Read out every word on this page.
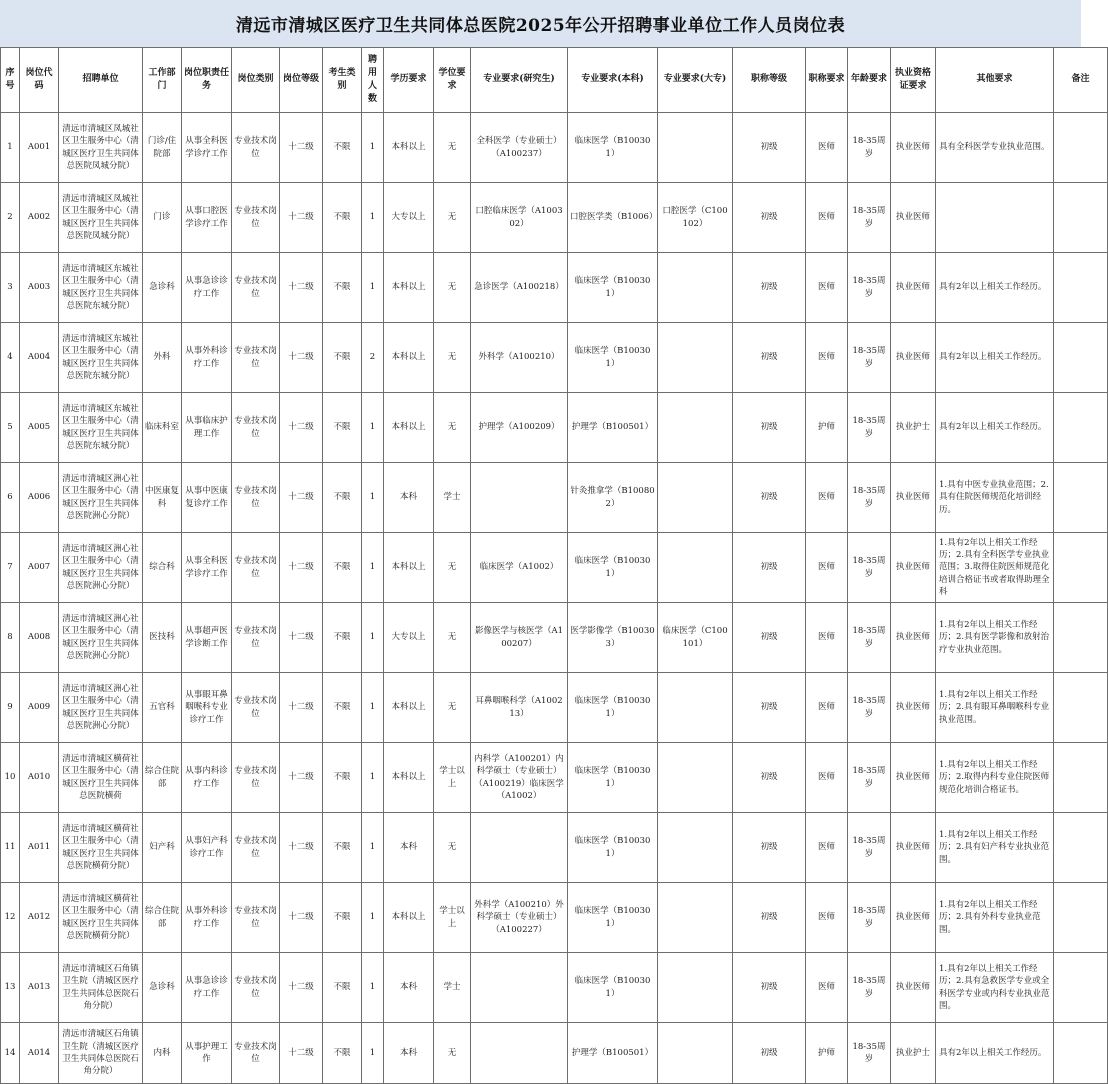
清远市清城区医疗卫生共同体总医院2025年公开招聘事业单位工作人员岗位表
序号	岗位代码	招聘单位	工作部门	岗位职责任务	岗位类别	岗位等级	考生类别	聘用人数	学历要求	学位要求	专业要求(研究生)	专业要求(本科)	专业要求(大专)	职称等级	职称要求	年龄要求	执业资格证要求	其他要求	备注

1	A001	清远市清城区凤城社区卫生服务中心（清城区医疗卫生共同体总医院凤城分院）	门诊/住院部	从事全科医学诊疗工作	专业技术岗位	十二级	不限	1	本科以上	无	全科医学（专业硕士）（A100237）	临床医学（B100301）		初级	医师	18-35周岁	执业医师	具有全科医学专业执业范围。	

2	A002	清远市清城区凤城社区卫生服务中心（清城区医疗卫生共同体总医院凤城分院）	门诊	从事口腔医学诊疗工作	专业技术岗位	十二级	不限	1	大专以上	无	口腔临床医学（A100302）	口腔医学类（B1006）	口腔医学（C100102）	初级	医师	18-35周岁	执业医师		

3	A003	清远市清城区东城社区卫生服务中心（清城区医疗卫生共同体总医院东城分院）	急诊科	从事急诊诊疗工作	专业技术岗位	十二级	不限	1	本科以上	无	急诊医学（A100218）	临床医学（B100301）		初级	医师	18-35周岁	执业医师	具有2年以上相关工作经历。	

4	A004	清远市清城区东城社区卫生服务中心（清城区医疗卫生共同体总医院东城分院）	外科	从事外科诊疗工作	专业技术岗位	十二级	不限	2	本科以上	无	外科学（A100210）	临床医学（B100301）		初级	医师	18-35周岁	执业医师	具有2年以上相关工作经历。	

5	A005	清远市清城区东城社区卫生服务中心（清城区医疗卫生共同体总医院东城分院）	临床科室	从事临床护理工作	专业技术岗位	十二级	不限	1	本科以上	无	护理学（A100209）	护理学（B100501）		初级	护师	18-35周岁	执业护士	具有2年以上相关工作经历。	

6	A006	清远市清城区洲心社区卫生服务中心（清城区医疗卫生共同体总医院洲心分院）	中医康复科	从事中医康复诊疗工作	专业技术岗位	十二级	不限	1	本科	学士		针灸推拿学（B100802）		初级	医师	18-35周岁	执业医师	1.具有中医专业执业范围；2.具有住院医师规范化培训经历。	

7	A007	清远市清城区洲心社区卫生服务中心（清城区医疗卫生共同体总医院洲心分院）	综合科	从事全科医学诊疗工作	专业技术岗位	十二级	不限	1	本科以上	无	临床医学（A1002）	临床医学（B100301）		初级	医师	18-35周岁	执业医师	1.具有2年以上相关工作经历；2.具有全科医学专业执业范围；3.取得住院医师规范化培训合格证书或者取得助理全科	

8	A008	清远市清城区洲心社区卫生服务中心（清城区医疗卫生共同体总医院洲心分院）	医技科	从事超声医学诊断工作	专业技术岗位	十二级	不限	1	大专以上	无	影像医学与核医学（A100207）	医学影像学（B100303）	临床医学（C100101）	初级	医师	18-35周岁	执业医师	1.具有2年以上相关工作经历；2.具有医学影像和放射治疗专业执业范围。	

9	A009	清远市清城区洲心社区卫生服务中心（清城区医疗卫生共同体总医院洲心分院）	五官科	从事眼耳鼻咽喉科专业诊疗工作	专业技术岗位	十二级	不限	1	本科以上	无	耳鼻咽喉科学（A100213）	临床医学（B100301）		初级	医师	18-35周岁	执业医师	1.具有2年以上相关工作经历；2.具有眼耳鼻咽喉科专业执业范围。	

10	A010	清远市清城区横荷社区卫生服务中心（清城区医疗卫生共同体总医院横荷	综合住院部	从事内科诊疗工作	专业技术岗位	十二级	不限	1	本科以上	学士以上	内科学（A100201）内科学硕士（专业硕士）（A100219）临床医学（A1002）	临床医学（B100301）		初级	医师	18-35周岁	执业医师	1.具有2年以上相关工作经历；2.取得内科专业住院医师规范化培训合格证书。	

11	A011	清远市清城区横荷社区卫生服务中心（清城区医疗卫生共同体总医院横荷分院）	妇产科	从事妇产科诊疗工作	专业技术岗位	十二级	不限	1	本科	无		临床医学（B100301）		初级	医师	18-35周岁	执业医师	1.具有2年以上相关工作经历；2.具有妇产科专业执业范围。	

12	A012	清远市清城区横荷社区卫生服务中心（清城区医疗卫生共同体总医院横荷分院）	综合住院部	从事外科诊疗工作	专业技术岗位	十二级	不限	1	本科以上	学士以上	外科学（A100210）外科学硕士（专业硕士）（A100227）	临床医学（B100301）		初级	医师	18-35周岁	执业医师	1.具有2年以上相关工作经历；2.具有外科专业执业范围。	

13	A013	清远市清城区石角镇卫生院（清城区医疗卫生共同体总医院石角分院）	急诊科	从事急诊诊疗工作	专业技术岗位	十二级	不限	1	本科	学士		临床医学（B100301）		初级	医师	18-35周岁	执业医师	1.具有2年以上相关工作经历；2.具有急救医学专业或全科医学专业或内科专业执业范围。	

14	A014	清远市清城区石角镇卫生院（清城区医疗卫生共同体总医院石角分院）	内科	从事护理工作	专业技术岗位	十二级	不限	1	本科	无		护理学（B100501）		初级	护师	18-35周岁	执业护士	具有2年以上相关工作经历。	
